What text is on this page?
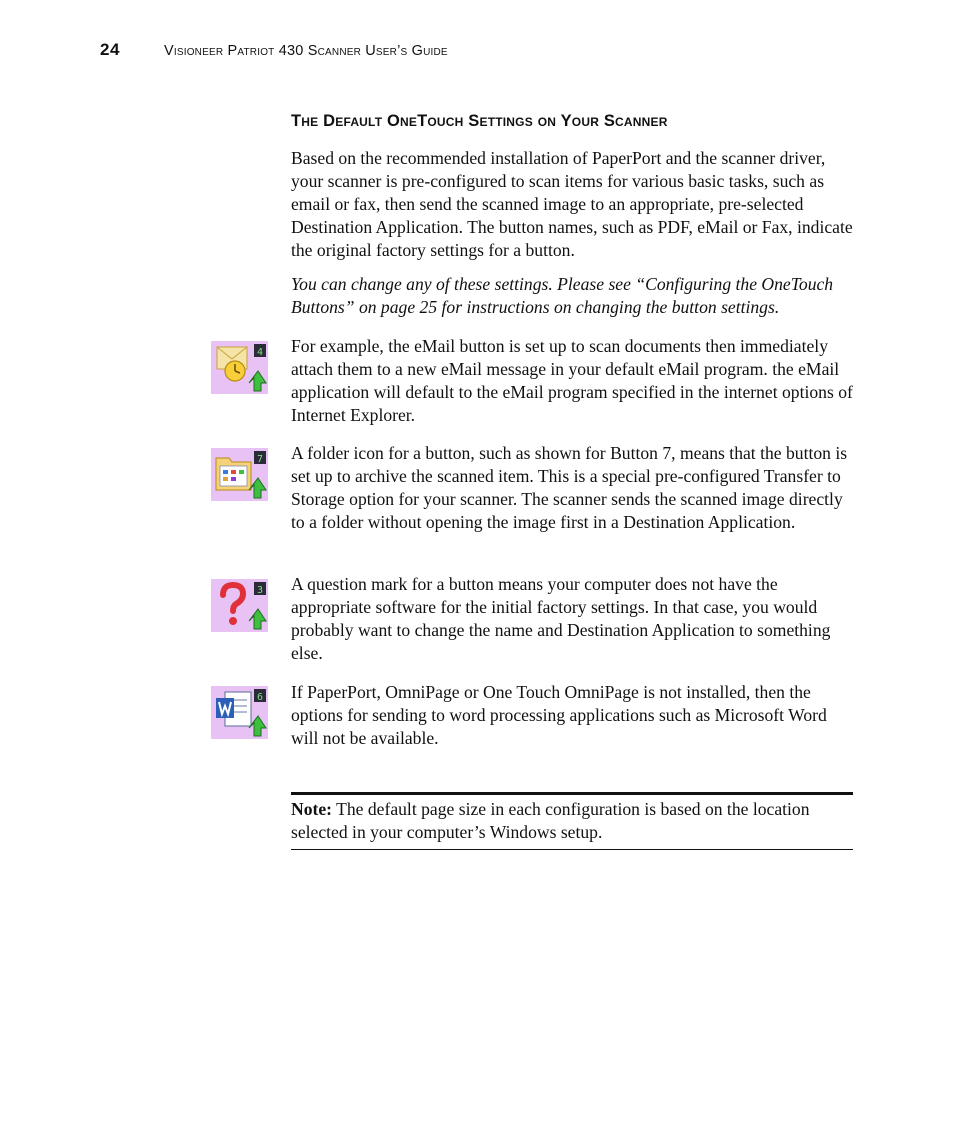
24	Visioneer Patriot 430 Scanner User’s Guide
The Default OneTouch Settings on Your Scanner

Based on the recommended installation of PaperPort and the scanner driver, your scanner is pre-configured to scan items for various basic tasks, such as email or fax, then send the scanned image to an appropriate, pre-selected Destination Application. The button names, such as PDF, eMail or Fax, indicate the original factory settings for a button.

You can change any of these settings. Please see “Configuring the OneTouch Buttons” on page 25 for instructions on changing the button settings.

4 For example, the eMail button is set up to scan documents then immediately attach them to a new eMail message in your default eMail program. the eMail application will default to the eMail program specified in the internet options of Internet Explorer.

7 A folder icon for a button, such as shown for Button 7, means that the button is set up to archive the scanned item. This is a special pre-configured Transfer to Storage option for your scanner. The scanner sends the scanned image directly to a folder without opening the image first in a Destination Application.

3 A question mark for a button means your computer does not have the appropriate software for the initial factory settings. In that case, you would probably want to change the name and Destination Application to something else.

6 If PaperPort, OmniPage or One Touch OmniPage is not installed, then the options for sending to word processing applications such as Microsoft Word will not be available.

Note: The default page size in each configuration is based on the location selected in your computer’s Windows setup.
